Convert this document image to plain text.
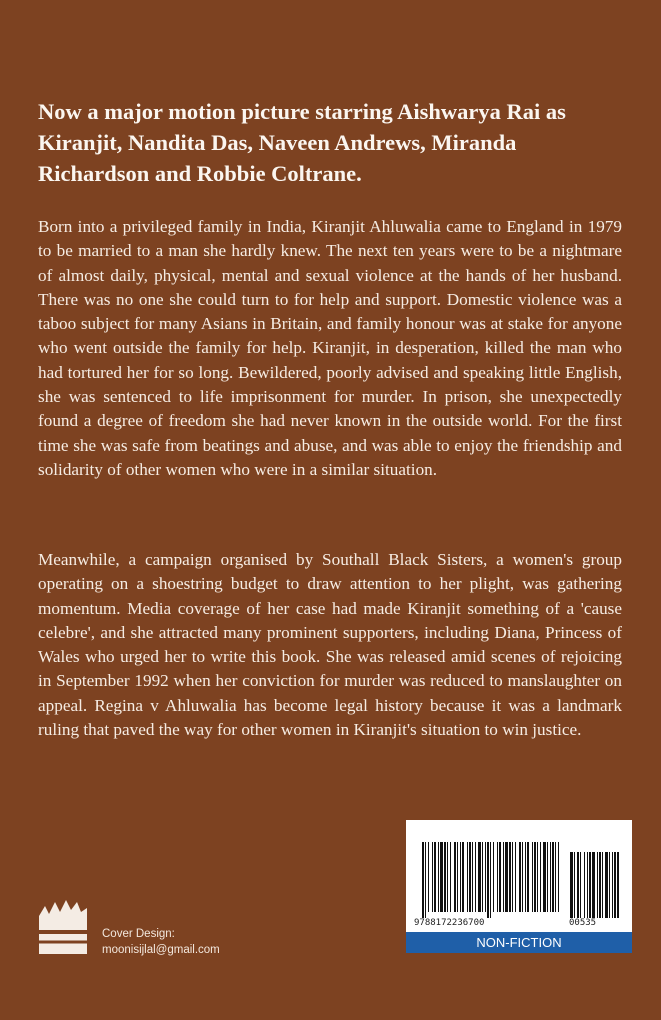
Now a major motion picture starring Aishwarya Rai as Kiranjit, Nandita Das, Naveen Andrews, Miranda Richardson and Robbie Coltrane.

Born into a privileged family in India, Kiranjit Ahluwalia came to England in 1979 to be married to a man she hardly knew. The next ten years were to be a nightmare of almost daily, physical, mental and sexual violence at the hands of her husband. There was no one she could turn to for help and support. Domestic violence was a taboo subject for many Asians in Britain, and family honour was at stake for anyone who went outside the family for help. Kiranjit, in desperation, killed the man who had tortured her for so long. Bewildered, poorly advised and speaking little English, she was sentenced to life imprisonment for murder. In prison, she unexpectedly found a degree of freedom she had never known in the outside world. For the first time she was safe from beatings and abuse, and was able to enjoy the friendship and solidarity of other women who were in a similar situation.

Meanwhile, a campaign organised by Southall Black Sisters, a women's group operating on a shoestring budget to draw attention to her plight, was gathering momentum. Media coverage of her case had made Kiranjit something of a 'cause celebre', and she attracted many prominent supporters, including Diana, Princess of Wales who urged her to write this book. She was released amid scenes of rejoicing in September 1992 when her conviction for murder was reduced to manslaughter on appeal. Regina v Ahluwalia has become legal history because it was a landmark ruling that paved the way for other women in Kiranjit's situation to win justice.

9788172236700	00535
NON-FICTION
Cover Design:
moonisijlal@gmail.com
